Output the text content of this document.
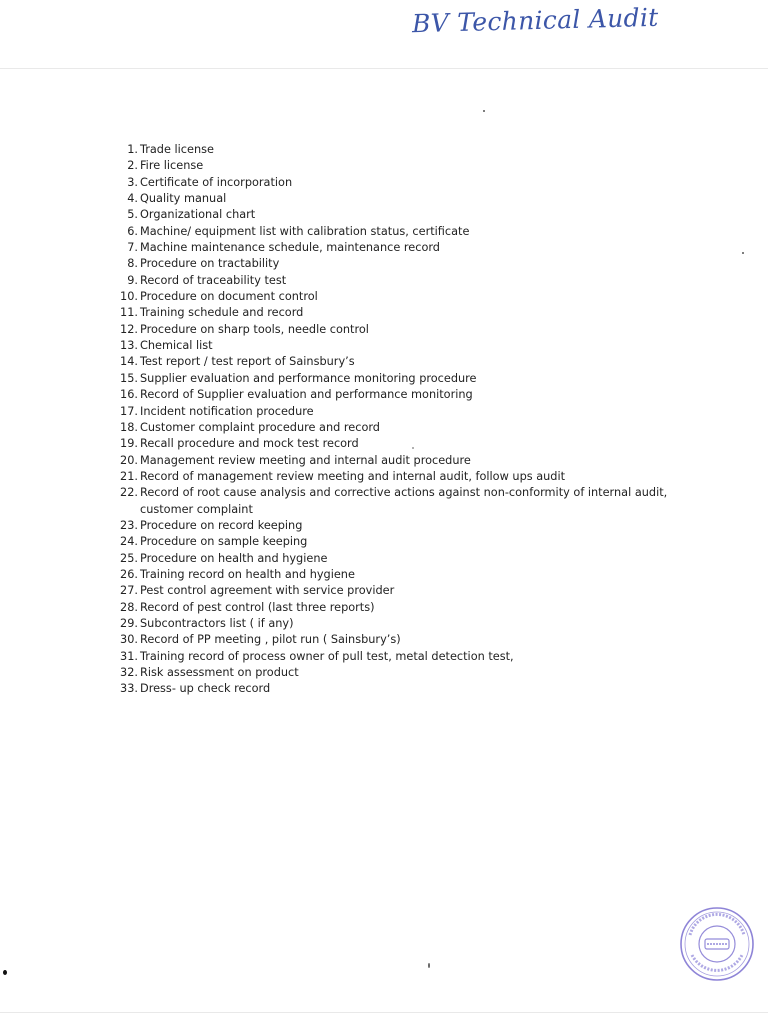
BV Technical Audit
1. Trade license
2. Fire license
3. Certificate of incorporation
4. Quality manual
5. Organizational chart
6. Machine/ equipment list with calibration status, certificate
7. Machine maintenance schedule, maintenance record
8. Procedure on tractability
9. Record of traceability test
10. Procedure on document control
11. Training schedule and record
12. Procedure on sharp tools, needle control
13. Chemical list
14. Test report / test report of Sainsbury’s
15. Supplier evaluation and performance monitoring procedure
16. Record of Supplier evaluation and performance monitoring
17. Incident notification procedure
18. Customer complaint procedure and record
19. Recall procedure and mock test record
20. Management review meeting and internal audit procedure
21. Record of management review meeting and internal audit, follow ups audit
22. Record of root cause analysis and corrective actions against non-conformity of internal audit,
customer complaint
23. Procedure on record keeping
24. Procedure on sample keeping
25. Procedure on health and hygiene
26. Training record on health and hygiene
27. Pest control agreement with service provider
28. Record of pest control (last three reports)
29. Subcontractors list ( if any)
30. Record of PP meeting , pilot run ( Sainsbury’s)
31. Training record of process owner of pull test, metal detection test,
32. Risk assessment on product
33. Dress- up check record
